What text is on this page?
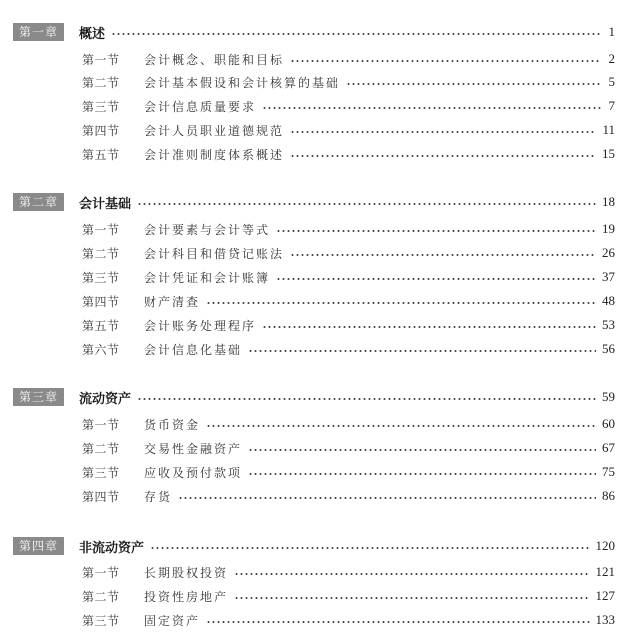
第一章	概述	1
第一节	会计概念、职能和目标	2
第二节	会计基本假设和会计核算的基础	5
第三节	会计信息质量要求	7
第四节	会计人员职业道德规范	11
第五节	会计准则制度体系概述	15
第二章	会计基础	18
第一节	会计要素与会计等式	19
第二节	会计科目和借贷记账法	26
第三节	会计凭证和会计账簿	37
第四节	财产清查	48
第五节	会计账务处理程序	53
第六节	会计信息化基础	56
第三章	流动资产	59
第一节	货币资金	60
第二节	交易性金融资产	67
第三节	应收及预付款项	75
第四节	存货	86
第四章	非流动资产	120
第一节	长期股权投资	121
第二节	投资性房地产	127
第三节	固定资产	133
